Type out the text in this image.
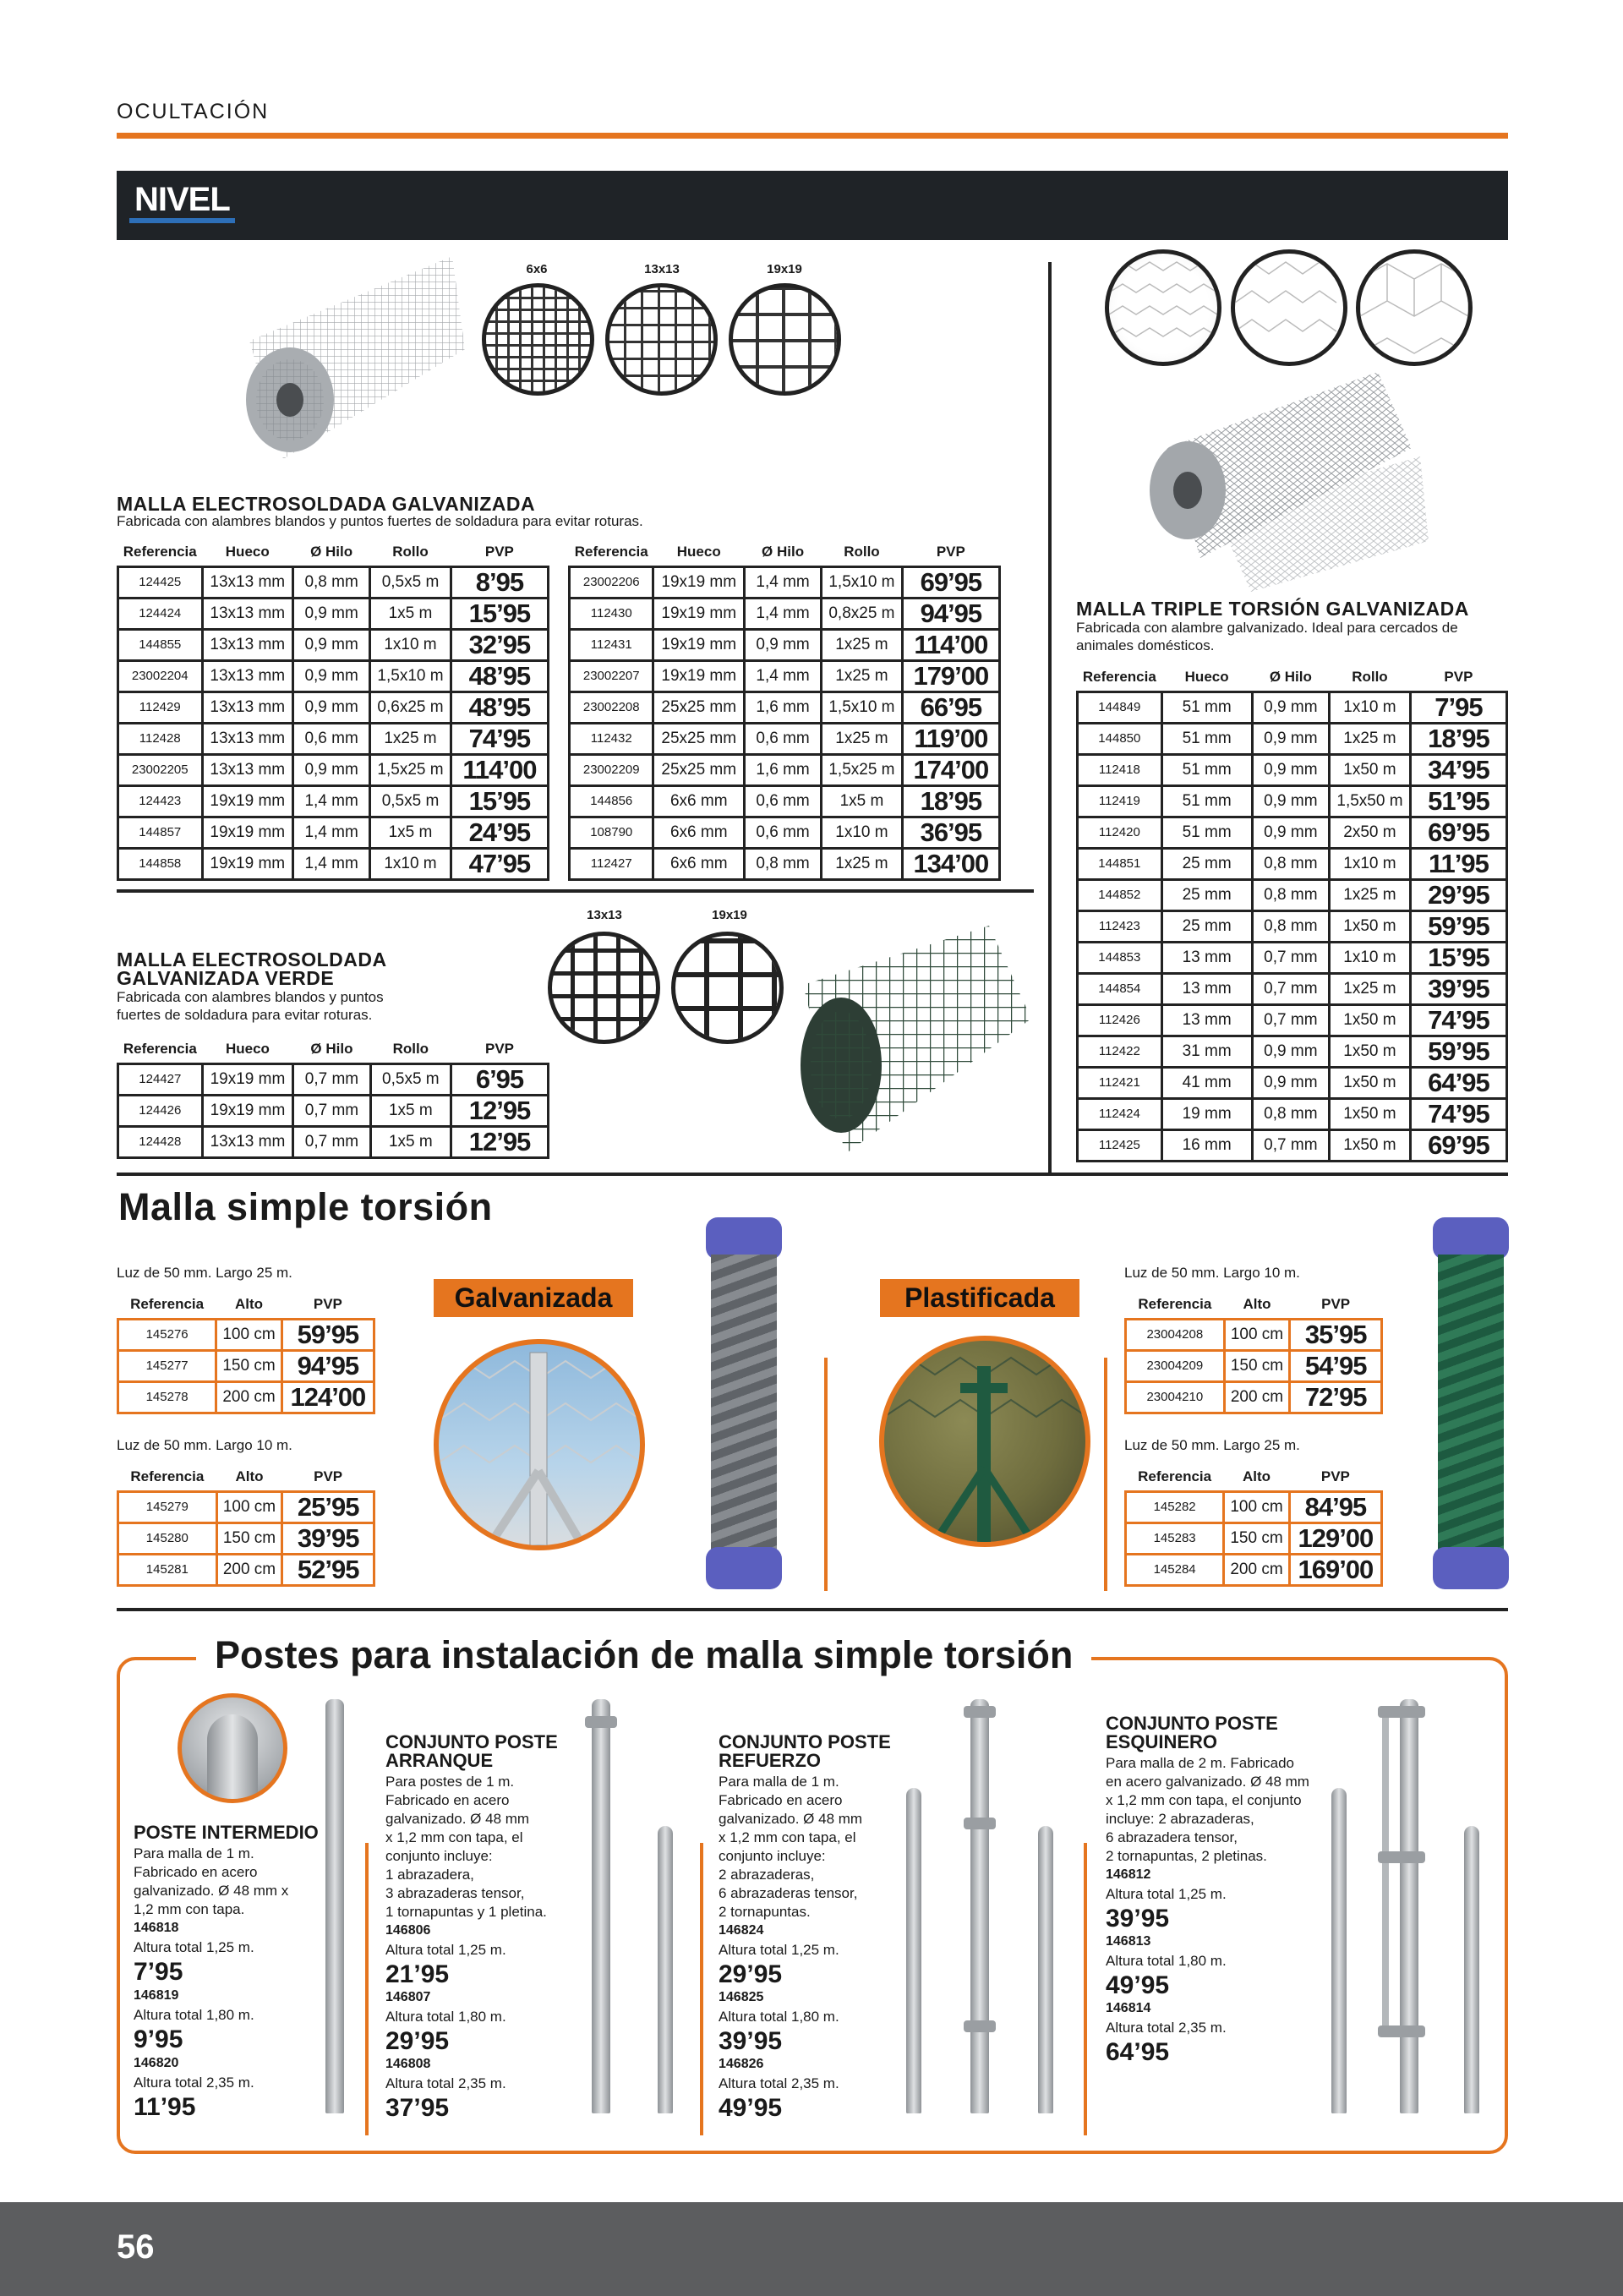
OCULTACIÓN
NIVEL
6x6	13x13	19x19
MALLA ELECTROSOLDADA GALVANIZADA
Fabricada con alambres blandos y puntos fuertes de soldadura para evitar roturas.
Referencia	Hueco	Ø Hilo	Rollo	PVP
124425	13x13 mm	0,8 mm	0,5x5 m	8’95
124424	13x13 mm	0,9 mm	1x5 m	15’95
144855	13x13 mm	0,9 mm	1x10 m	32’95
23002204	13x13 mm	0,9 mm	1,5x10 m	48’95
112429	13x13 mm	0,9 mm	0,6x25 m	48’95
112428	13x13 mm	0,6 mm	1x25 m	74’95
23002205	13x13 mm	0,9 mm	1,5x25 m	114’00
124423	19x19 mm	1,4 mm	0,5x5 m	15’95
144857	19x19 mm	1,4 mm	1x5 m	24’95
144858	19x19 mm	1,4 mm	1x10 m	47’95
Referencia	Hueco	Ø Hilo	Rollo	PVP
23002206	19x19 mm	1,4 mm	1,5x10 m	69’95
112430	19x19 mm	1,4 mm	0,8x25 m	94’95
112431	19x19 mm	0,9 mm	1x25 m	114’00
23002207	19x19 mm	1,4 mm	1x25 m	179’00
23002208	25x25 mm	1,6 mm	1,5x10 m	66’95
112432	25x25 mm	0,6 mm	1x25 m	119’00
23002209	25x25 mm	1,6 mm	1,5x25 m	174’00
144856	6x6 mm	0,6 mm	1x5 m	18’95
108790	6x6 mm	0,6 mm	1x10 m	36’95
112427	6x6 mm	0,8 mm	1x25 m	134’00
13x13	19x19
MALLA ELECTROSOLDADA
GALVANIZADA VERDE
Fabricada con alambres blandos y puntos
fuertes de soldadura para evitar roturas.
Referencia	Hueco	Ø Hilo	Rollo	PVP
124427	19x19 mm	0,7 mm	0,5x5 m	6’95
124426	19x19 mm	0,7 mm	1x5 m	12’95
124428	13x13 mm	0,7 mm	1x5 m	12’95
MALLA TRIPLE TORSIÓN GALVANIZADA
Fabricada con alambre galvanizado. Ideal para cercados de
animales domésticos.
Referencia	Hueco	Ø Hilo	Rollo	PVP
144849	51 mm	0,9 mm	1x10 m	7’95
144850	51 mm	0,9 mm	1x25 m	18’95
112418	51 mm	0,9 mm	1x50 m	34’95
112419	51 mm	0,9 mm	1,5x50 m	51’95
112420	51 mm	0,9 mm	2x50 m	69’95
144851	25 mm	0,8 mm	1x10 m	11’95
144852	25 mm	0,8 mm	1x25 m	29’95
112423	25 mm	0,8 mm	1x50 m	59’95
144853	13 mm	0,7 mm	1x10 m	15’95
144854	13 mm	0,7 mm	1x25 m	39’95
112426	13 mm	0,7 mm	1x50 m	74’95
112422	31 mm	0,9 mm	1x50 m	59’95
112421	41 mm	0,9 mm	1x50 m	64’95
112424	19 mm	0,8 mm	1x50 m	74’95
112425	16 mm	0,7 mm	1x50 m	69’95
Malla simple torsión
Luz de 50 mm. Largo 25 m.
Referencia	Alto	PVP
145276	100 cm	59’95
145277	150 cm	94’95
145278	200 cm	124’00
Luz de 50 mm. Largo 10 m.
Referencia	Alto	PVP
145279	100 cm	25’95
145280	150 cm	39’95
145281	200 cm	52’95
Galvanizada	Plastificada
Luz de 50 mm. Largo 10 m.
Referencia	Alto	PVP
23004208	100 cm	35’95
23004209	150 cm	54’95
23004210	200 cm	72’95
Luz de 50 mm. Largo 25 m.
Referencia	Alto	PVP
145282	100 cm	84’95
145283	150 cm	129’00
145284	200 cm	169’00
Postes para instalación de malla simple torsión
POSTE INTERMEDIO
Para malla de 1 m.
Fabricado en acero
galvanizado. Ø 48 mm x
1,2 mm con tapa.
146818
Altura total 1,25 m.
7’95
146819
Altura total 1,80 m.
9’95
146820
Altura total 2,35 m.
11’95
CONJUNTO POSTE
ARRANQUE
Para postes de 1 m.
Fabricado en acero
galvanizado. Ø 48 mm
x 1,2 mm con tapa, el
conjunto incluye:
1 abrazadera,
3 abrazaderas tensor,
1 tornapuntas y 1 pletina.
146806
Altura total 1,25 m.
21’95
146807
Altura total 1,80 m.
29’95
146808
Altura total 2,35 m.
37’95
CONJUNTO POSTE
REFUERZO
Para malla de 1 m.
Fabricado en acero
galvanizado. Ø 48 mm
x 1,2 mm con tapa, el
conjunto incluye:
2 abrazaderas,
6 abrazaderas tensor,
2 tornapuntas.
146824
Altura total 1,25 m.
29’95
146825
Altura total 1,80 m.
39’95
146826
Altura total 2,35 m.
49’95
CONJUNTO POSTE
ESQUINERO
Para malla de 2 m. Fabricado
en acero galvanizado. Ø 48 mm
x 1,2 mm con tapa, el conjunto
incluye: 2 abrazaderas,
6 abrazadera tensor,
2 tornapuntas, 2 pletinas.
146812
Altura total 1,25 m.
39’95
146813
Altura total 1,80 m.
49’95
146814
Altura total 2,35 m.
64’95
56
